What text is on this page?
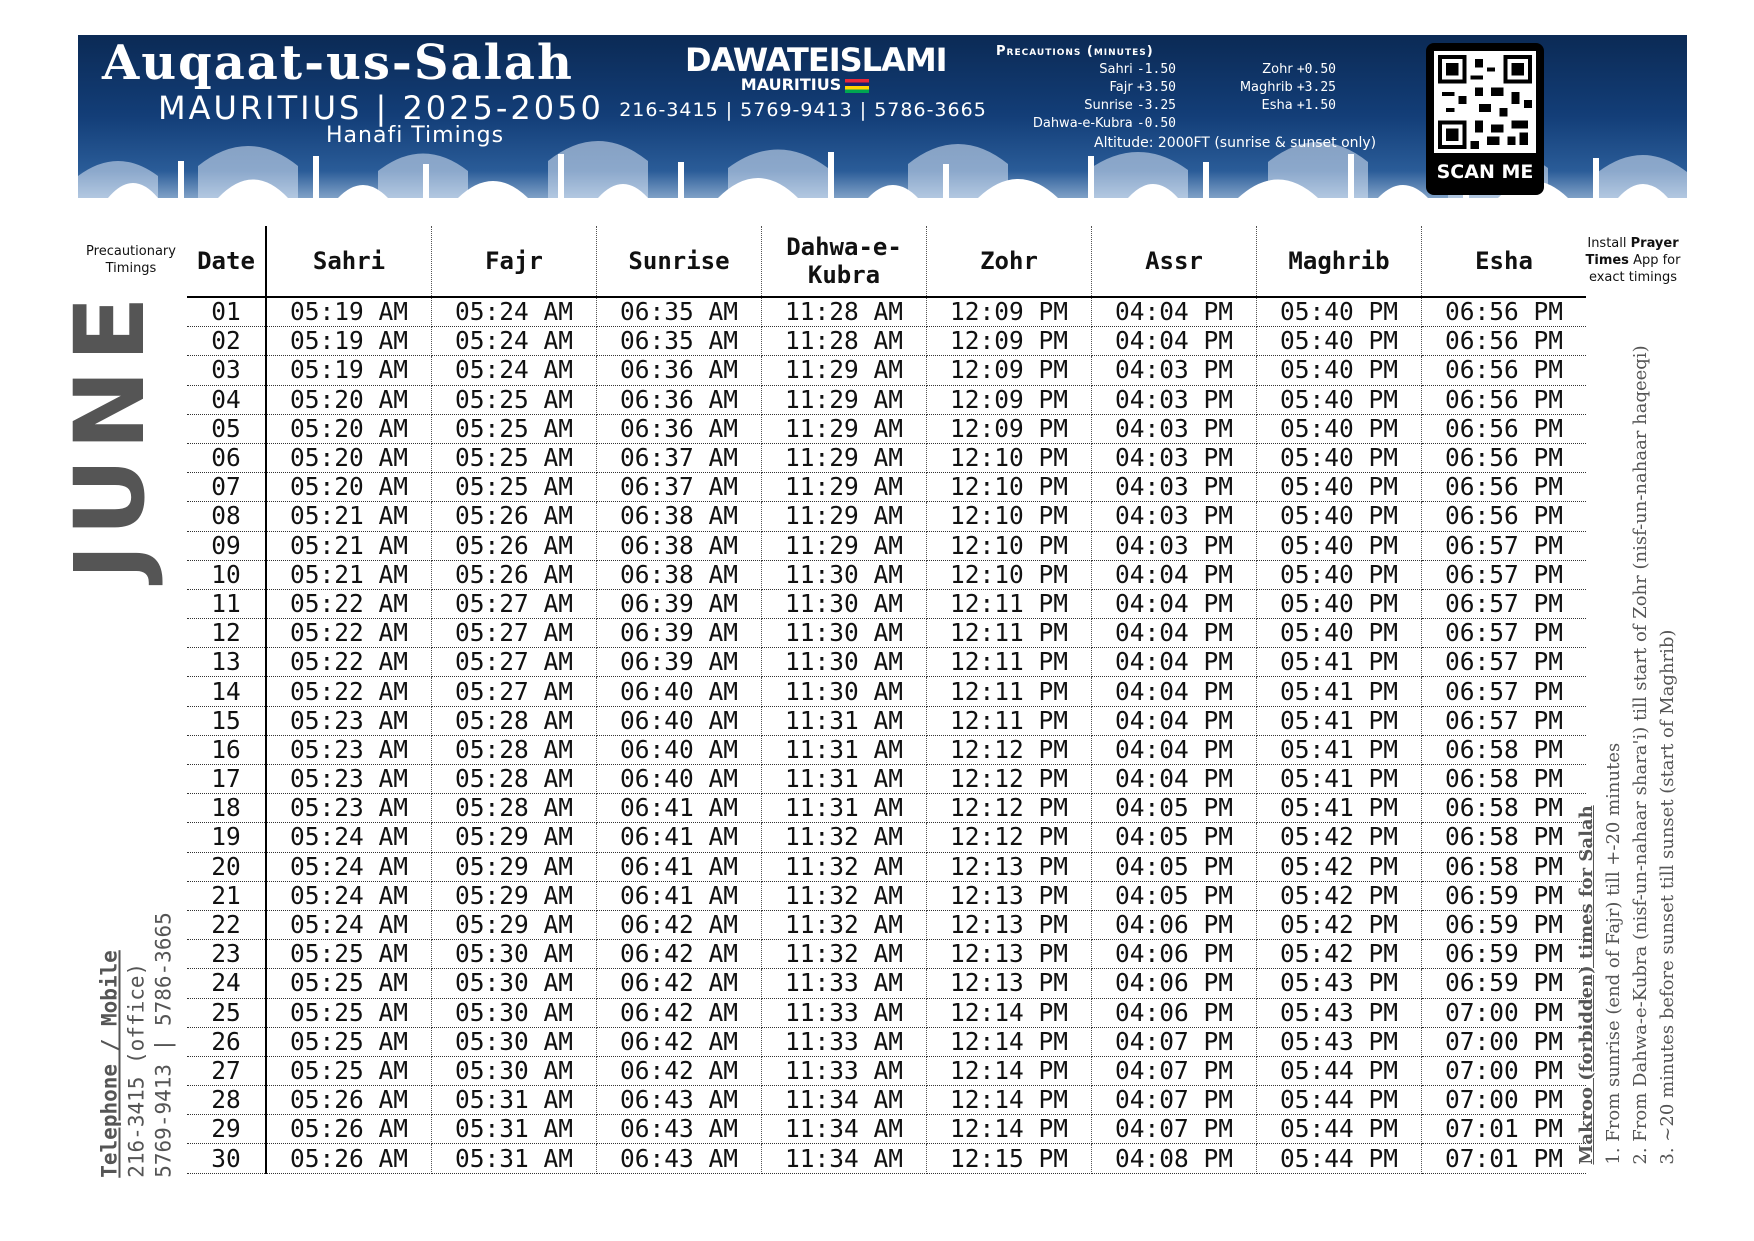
Auqaat-us-Salah
MAURITIUS | 2025-2050
Hanafi Timings
DAWATEISLAMI
MAURITIUS
216-3415 | 5769-9413 | 5786-3665
Precautions (minutes)
Sahri -1.50
Fajr +3.50
Sunrise -3.25
Dahwa-e-Kubra -0.50
Zohr +0.50
Maghrib +3.25
Esha +1.50
Altitude: 2000FT (sunrise & sunset only)
SCAN ME
Precautionary Timings
Install Prayer Times App for exact timings
JUNE
Date	Sahri	Fajr	Sunrise	Dahwa-e-Kubra	Zohr	Assr	Maghrib	Esha
01	05:19 AM	05:24 AM	06:35 AM	11:28 AM	12:09 PM	04:04 PM	05:40 PM	06:56 PM
02	05:19 AM	05:24 AM	06:35 AM	11:28 AM	12:09 PM	04:04 PM	05:40 PM	06:56 PM
03	05:19 AM	05:24 AM	06:36 AM	11:29 AM	12:09 PM	04:03 PM	05:40 PM	06:56 PM
04	05:20 AM	05:25 AM	06:36 AM	11:29 AM	12:09 PM	04:03 PM	05:40 PM	06:56 PM
05	05:20 AM	05:25 AM	06:36 AM	11:29 AM	12:09 PM	04:03 PM	05:40 PM	06:56 PM
06	05:20 AM	05:25 AM	06:37 AM	11:29 AM	12:10 PM	04:03 PM	05:40 PM	06:56 PM
07	05:20 AM	05:25 AM	06:37 AM	11:29 AM	12:10 PM	04:03 PM	05:40 PM	06:56 PM
08	05:21 AM	05:26 AM	06:38 AM	11:29 AM	12:10 PM	04:03 PM	05:40 PM	06:56 PM
09	05:21 AM	05:26 AM	06:38 AM	11:29 AM	12:10 PM	04:03 PM	05:40 PM	06:57 PM
10	05:21 AM	05:26 AM	06:38 AM	11:30 AM	12:10 PM	04:04 PM	05:40 PM	06:57 PM
11	05:22 AM	05:27 AM	06:39 AM	11:30 AM	12:11 PM	04:04 PM	05:40 PM	06:57 PM
12	05:22 AM	05:27 AM	06:39 AM	11:30 AM	12:11 PM	04:04 PM	05:40 PM	06:57 PM
13	05:22 AM	05:27 AM	06:39 AM	11:30 AM	12:11 PM	04:04 PM	05:41 PM	06:57 PM
14	05:22 AM	05:27 AM	06:40 AM	11:30 AM	12:11 PM	04:04 PM	05:41 PM	06:57 PM
15	05:23 AM	05:28 AM	06:40 AM	11:31 AM	12:11 PM	04:04 PM	05:41 PM	06:57 PM
16	05:23 AM	05:28 AM	06:40 AM	11:31 AM	12:12 PM	04:04 PM	05:41 PM	06:58 PM
17	05:23 AM	05:28 AM	06:40 AM	11:31 AM	12:12 PM	04:04 PM	05:41 PM	06:58 PM
18	05:23 AM	05:28 AM	06:41 AM	11:31 AM	12:12 PM	04:05 PM	05:41 PM	06:58 PM
19	05:24 AM	05:29 AM	06:41 AM	11:32 AM	12:12 PM	04:05 PM	05:42 PM	06:58 PM
20	05:24 AM	05:29 AM	06:41 AM	11:32 AM	12:13 PM	04:05 PM	05:42 PM	06:58 PM
21	05:24 AM	05:29 AM	06:41 AM	11:32 AM	12:13 PM	04:05 PM	05:42 PM	06:59 PM
22	05:24 AM	05:29 AM	06:42 AM	11:32 AM	12:13 PM	04:06 PM	05:42 PM	06:59 PM
23	05:25 AM	05:30 AM	06:42 AM	11:32 AM	12:13 PM	04:06 PM	05:42 PM	06:59 PM
24	05:25 AM	05:30 AM	06:42 AM	11:33 AM	12:13 PM	04:06 PM	05:43 PM	06:59 PM
25	05:25 AM	05:30 AM	06:42 AM	11:33 AM	12:14 PM	04:06 PM	05:43 PM	07:00 PM
26	05:25 AM	05:30 AM	06:42 AM	11:33 AM	12:14 PM	04:07 PM	05:43 PM	07:00 PM
27	05:25 AM	05:30 AM	06:42 AM	11:33 AM	12:14 PM	04:07 PM	05:44 PM	07:00 PM
28	05:26 AM	05:31 AM	06:43 AM	11:34 AM	12:14 PM	04:07 PM	05:44 PM	07:00 PM
29	05:26 AM	05:31 AM	06:43 AM	11:34 AM	12:14 PM	04:07 PM	05:44 PM	07:01 PM
30	05:26 AM	05:31 AM	06:43 AM	11:34 AM	12:15 PM	04:08 PM	05:44 PM	07:01 PM
Telephone / Mobile 216-3415 (office) 5769-9413 | 5786-3665	Makroo (forbidden) times for Salah 1. From sunrise (end of Fajr) till +-20 minutes 2. From Dahwa-e-Kubra (nisf-un-nahaar shara'i) till start of Zohr (nisf-un-nahaar haqeeqi) 3. ~20 minutes before sunset till sunset (start of Maghrib)
